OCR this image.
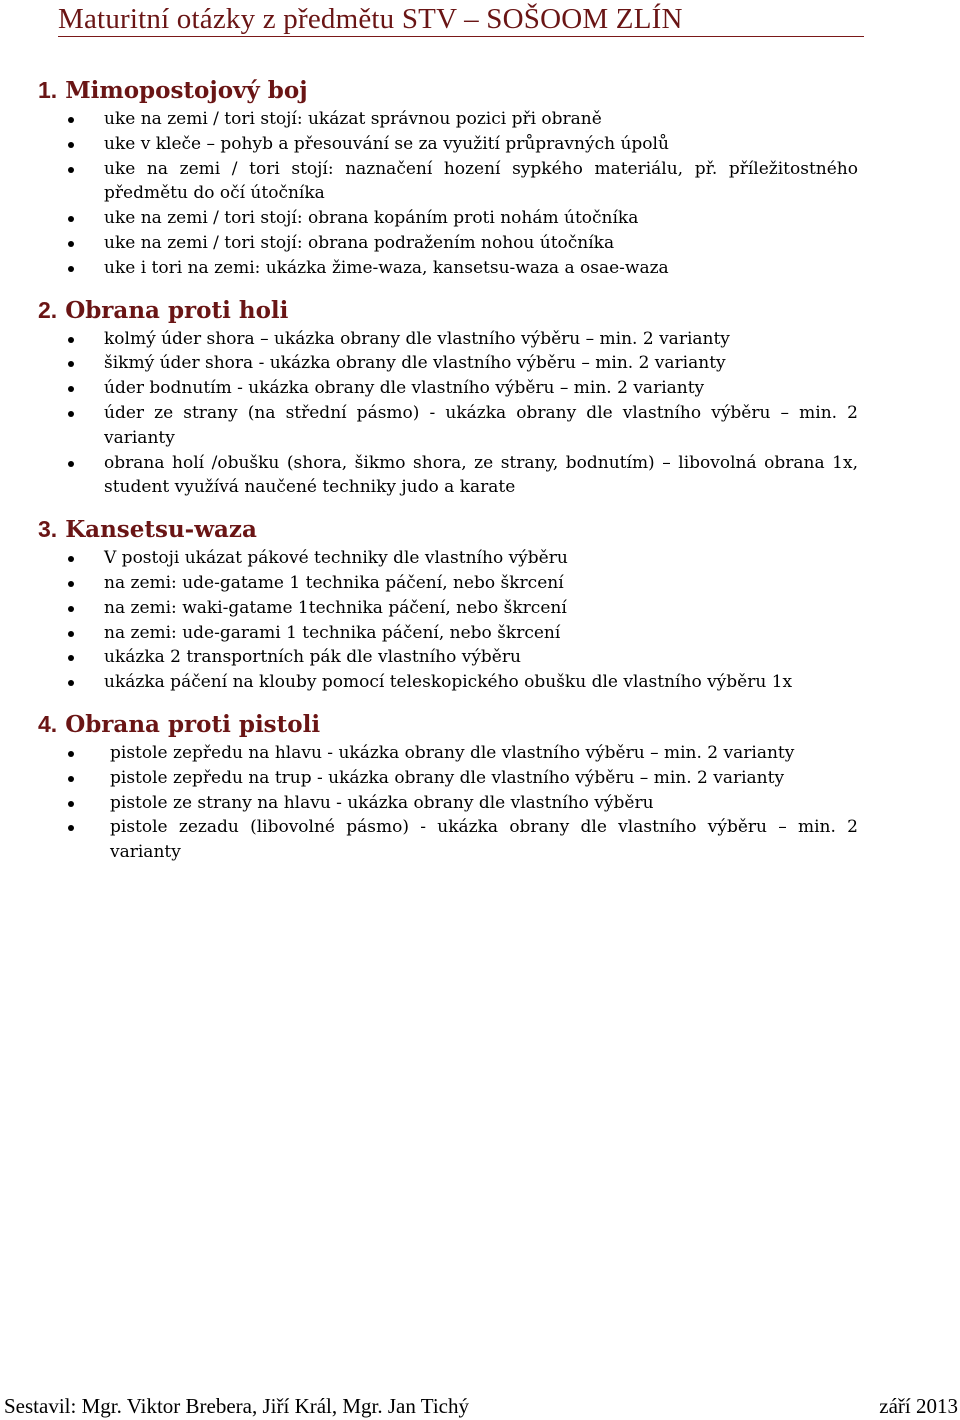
Maturitní otázky z předmětu STV – SOŠOOM ZLÍN
1. Mimopostojový boj
uke na zemi / tori stojí: ukázat správnou pozici při obraně
uke v kleče – pohyb a přesouvání se za využití průpravných úpolů
uke na zemi / tori stojí: naznačení hození sypkého materiálu, př. příležitostného předmětu do očí útočníka
uke na zemi / tori stojí: obrana kopáním proti nohám útočníka
uke na zemi / tori stojí: obrana podražením nohou útočníka
uke i tori na zemi: ukázka žime-waza, kansetsu-waza a osae-waza
2. Obrana proti holi
kolmý úder shora – ukázka obrany dle vlastního výběru – min. 2 varianty
šikmý úder shora - ukázka obrany dle vlastního výběru – min. 2 varianty
úder bodnutím - ukázka obrany dle vlastního výběru – min. 2 varianty
úder ze strany (na střední pásmo) - ukázka obrany dle vlastního výběru – min. 2 varianty
obrana holí /obušku (shora, šikmo shora, ze strany, bodnutím) – libovolná obrana 1x, student využívá naučené techniky judo a karate
3. Kansetsu-waza
V postoji ukázat pákové techniky dle vlastního výběru
na zemi: ude-gatame 1 technika páčení, nebo škrcení
na zemi: waki-gatame 1technika páčení, nebo škrcení
na zemi: ude-garami 1 technika páčení, nebo škrcení
ukázka 2 transportních pák dle vlastního výběru
ukázka páčení na klouby pomocí teleskopického obušku dle vlastního výběru 1x
4. Obrana proti pistoli
pistole zepředu na hlavu - ukázka obrany dle vlastního výběru – min. 2 varianty
pistole zepředu na trup - ukázka obrany dle vlastního výběru – min. 2 varianty
pistole ze strany na hlavu - ukázka obrany dle vlastního výběru
pistole zezadu (libovolné pásmo) - ukázka obrany dle vlastního výběru – min. 2 varianty
Sestavil: Mgr. Viktor Brebera, Jiří Král, Mgr. Jan Tichý	září 2013
